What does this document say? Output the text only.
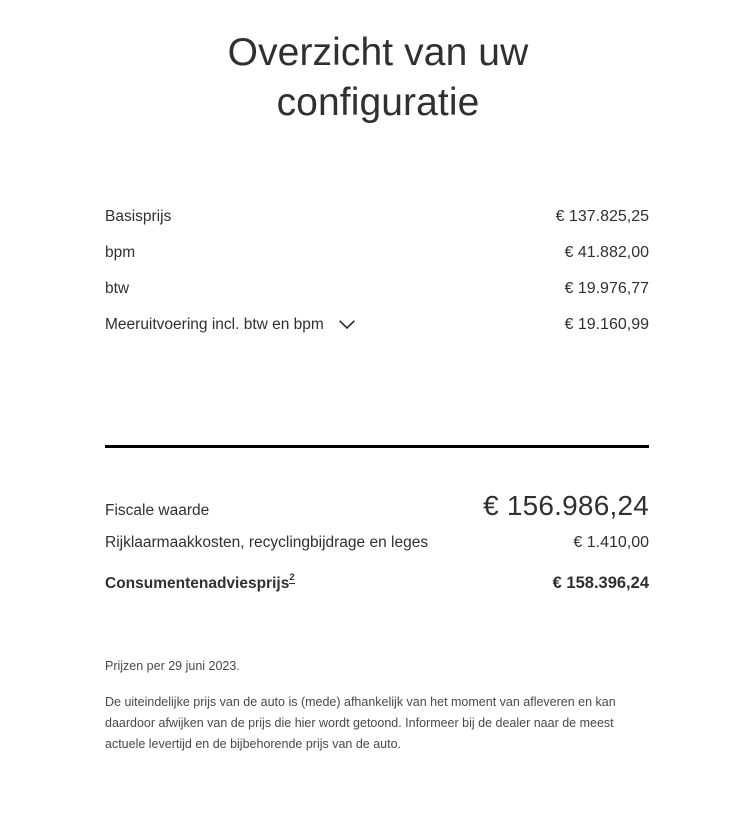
Overzicht van uw configuratie
Basisprijs	€ 137.825,25
bpm	€ 41.882,00
btw	€ 19.976,77
Meeruitvoering incl. btw en bpm	€ 19.160,99
Fiscale waarde	€ 156.986,24
Rijklaarmaakkosten, recyclingbijdrage en leges	€ 1.410,00
Consumentenadviesprijs$^2$	€ 158.396,24

Prijzen per 29 juni 2023.

De uiteindelijke prijs van de auto is (mede) afhankelijk van het moment van afleveren en kan daardoor afwijken van de prijs die hier wordt getoond. Informeer bij de dealer naar de meest actuele levertijd en de bijbehorende prijs van de auto.
